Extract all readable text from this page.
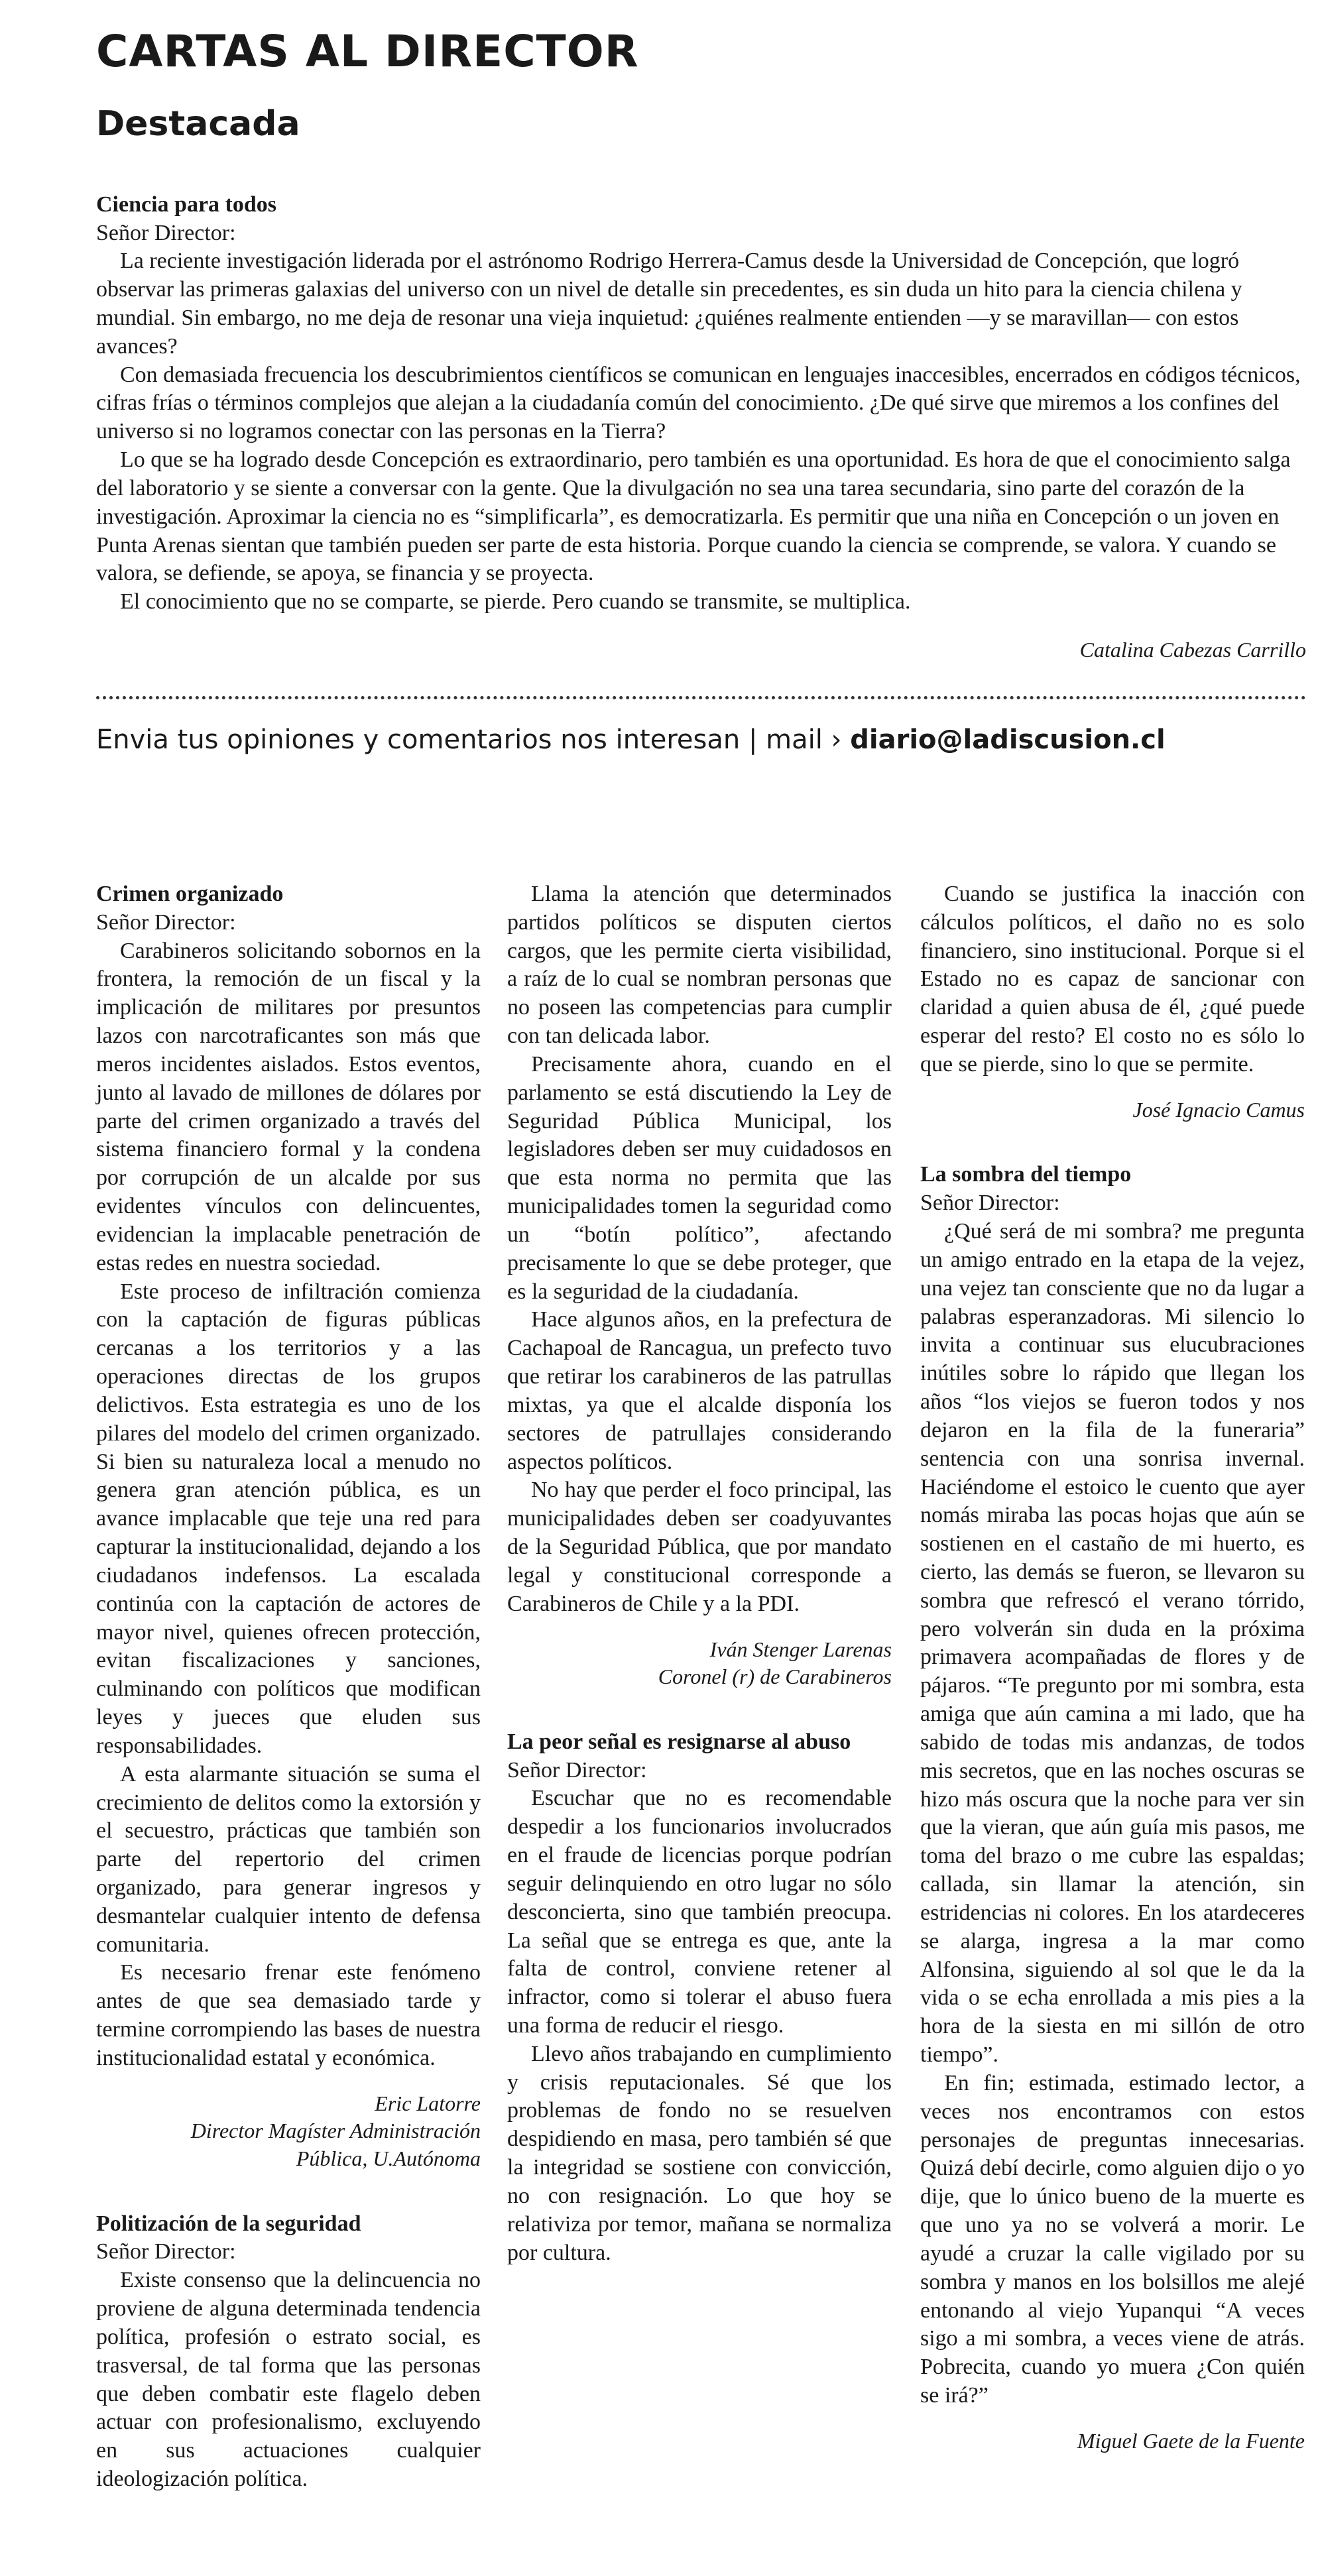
CARTAS AL DIRECTOR
Destacada

Ciencia para todos

Señor Director:

La reciente investigación liderada por el astrónomo Rodrigo Herrera-Camus desde la Universidad de Concepción, que logró observar las primeras galaxias del universo con un nivel de detalle sin precedentes, es sin duda un hito para la ciencia chilena y mundial. Sin embargo, no me deja de resonar una vieja inquietud: ¿quiénes realmente entienden —y se maravillan— con estos avances?

Con demasiada frecuencia los descubrimientos científicos se comunican en lenguajes inaccesibles, encerrados en códigos técnicos, cifras frías o términos complejos que alejan a la ciudadanía común del conocimiento. ¿De qué sirve que miremos a los confines del universo si no logramos conectar con las personas en la Tierra?

Lo que se ha logrado desde Concepción es extraordinario, pero también es una oportunidad. Es hora de que el conocimiento salga del laboratorio y se siente a conversar con la gente. Que la divulgación no sea una tarea secundaria, sino parte del corazón de la investigación. Aproximar la ciencia no es “simplificarla”, es democratizarla. Es permitir que una niña en Concepción o un joven en Punta Arenas sientan que también pueden ser parte de esta historia. Porque cuando la ciencia se comprende, se valora. Y cuando se valora, se defiende, se apoya, se financia y se proyecta.

El conocimiento que no se comparte, se pierde. Pero cuando se transmite, se multiplica.

Catalina Cabezas Carrillo

Envia tus opiniones y comentarios nos interesan | mail › diario@ladiscusion.cl

Crimen organizado

Señor Director:

Carabineros solicitando sobornos en la frontera, la remoción de un fiscal y la implicación de militares por presuntos lazos con narcotraficantes son más que meros incidentes aislados. Estos eventos, junto al lavado de millones de dólares por parte del crimen organizado a través del sistema financiero formal y la condena por corrupción de un alcalde por sus evidentes vínculos con delincuentes, evidencian la implacable penetración de estas redes en nuestra sociedad.

Este proceso de infiltración comienza con la captación de figuras públicas cercanas a los territorios y a las operaciones directas de los grupos delictivos. Esta estrategia es uno de los pilares del modelo del crimen organizado. Si bien su naturaleza local a menudo no genera gran atención pública, es un avance implacable que teje una red para capturar la institucionalidad, dejando a los ciudadanos indefensos. La escalada continúa con la captación de actores de mayor nivel, quienes ofrecen protección, evitan fiscalizaciones y sanciones, culminando con políticos que modifican leyes y jueces que eluden sus responsabilidades.

A esta alarmante situación se suma el crecimiento de delitos como la extorsión y el secuestro, prácticas que también son parte del repertorio del crimen organizado, para generar ingresos y desmantelar cualquier intento de defensa comunitaria.

Es necesario frenar este fenómeno antes de que sea demasiado tarde y termine corrompiendo las bases de nuestra institucionalidad estatal y económica.

Eric Latorre
Director Magíster Administración
Pública, U.Autónoma

Politización de la seguridad

Señor Director:

Existe consenso que la delincuencia no proviene de alguna determinada tendencia política, profesión o estrato social, es trasversal, de tal forma que las personas que deben combatir este flagelo deben actuar con profesionalismo, excluyendo en sus actuaciones cualquier ideologización política.

Llama la atención que determinados partidos políticos se disputen ciertos cargos, que les permite cierta visibilidad, a raíz de lo cual se nombran personas que no poseen las competencias para cumplir con tan delicada labor.

Precisamente ahora, cuando en el parlamento se está discutiendo la Ley de Seguridad Pública Municipal, los legisladores deben ser muy cuidadosos en que esta norma no permita que las municipalidades tomen la seguridad como un “botín político”, afectando precisamente lo que se debe proteger, que es la seguridad de la ciudadanía.

Hace algunos años, en la prefectura de Cachapoal de Rancagua, un prefecto tuvo que retirar los carabineros de las patrullas mixtas, ya que el alcalde disponía los sectores de patrullajes considerando aspectos políticos.

No hay que perder el foco principal, las municipalidades deben ser coadyuvantes de la Seguridad Pública, que por mandato legal y constitucional corresponde a Carabineros de Chile y a la PDI.

Iván Stenger Larenas
Coronel (r) de Carabineros

La peor señal es resignarse al abuso

Señor Director:

Escuchar que no es recomendable despedir a los funcionarios involucrados en el fraude de licencias porque podrían seguir delinquiendo en otro lugar no sólo desconcierta, sino que también preocupa. La señal que se entrega es que, ante la falta de control, conviene retener al infractor, como si tolerar el abuso fuera una forma de reducir el riesgo.

Llevo años trabajando en cumplimiento y crisis reputacionales. Sé que los problemas de fondo no se resuelven despidiendo en masa, pero también sé que la integridad se sostiene con convicción, no con resignación. Lo que hoy se relativiza por temor, mañana se normaliza por cultura.

Cuando se justifica la inacción con cálculos políticos, el daño no es solo financiero, sino institucional. Porque si el Estado no es capaz de sancionar con claridad a quien abusa de él, ¿qué puede esperar del resto? El costo no es sólo lo que se pierde, sino lo que se permite.

José Ignacio Camus

La sombra del tiempo

Señor Director:

¿Qué será de mi sombra? me pregunta un amigo entrado en la etapa de la vejez, una vejez tan consciente que no da lugar a palabras esperanzadoras. Mi silencio lo invita a continuar sus elucubraciones inútiles sobre lo rápido que llegan los años “los viejos se fueron todos y nos dejaron en la fila de la funeraria” sentencia con una sonrisa invernal. Haciéndome el estoico le cuento que ayer nomás miraba las pocas hojas que aún se sostienen en el castaño de mi huerto, es cierto, las demás se fueron, se llevaron su sombra que refrescó el verano tórrido, pero volverán sin duda en la próxima primavera acompañadas de flores y de pájaros. “Te pregunto por mi sombra, esta amiga que aún camina a mi lado, que ha sabido de todas mis andanzas, de todos mis secretos, que en las noches oscuras se hizo más oscura que la noche para ver sin que la vieran, que aún guía mis pasos, me toma del brazo o me cubre las espaldas; callada, sin llamar la atención, sin estridencias ni colores. En los atardeceres se alarga, ingresa a la mar como Alfonsina, siguiendo al sol que le da la vida o se echa enrollada a mis pies a la hora de la siesta en mi sillón de otro tiempo”.

En fin; estimada, estimado lector, a veces nos encontramos con estos personajes de preguntas innecesarias. Quizá debí decirle, como alguien dijo o yo dije, que lo único bueno de la muerte es que uno ya no se volverá a morir. Le ayudé a cruzar la calle vigilado por su sombra y manos en los bolsillos me alejé entonando al viejo Yupanqui “A veces sigo a mi sombra, a veces viene de atrás. Pobrecita, cuando yo muera ¿Con quién se irá?”

Miguel Gaete de la Fuente
